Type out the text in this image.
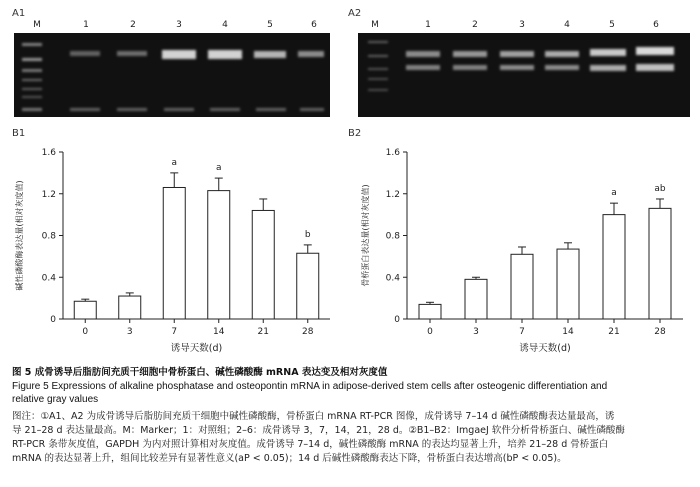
A1	A2
M	1	2	3	4	5	6	M	1	2	3	4	5	6
B1	B2
0
0.4
0.8
1.2
1.6
0	3
a
7
a
14	21
b
28
诱导天数(d)
碱性磷酸酶表达量(相对灰度值)
0
0.4
0.8
1.2
1.6
0	3	7	14
a
21
ab
28
诱导天数(d)
骨桥蛋白表达量(相对灰度值)
图 5 成骨诱导后脂肪间充质干细胞中骨桥蛋白、碱性磷酸酶 mRNA 表达变及相对灰度值
Figure 5 Expressions of alkaline phosphatase and osteopontin mRNA in adipose-derived stem cells after osteogenic differentiation and
relative gray values
图注：①A1、A2 为成骨诱导后脂肪间充质干细胞中碱性磷酸酶，骨桥蛋白 mRNA RT-PCR 图像，成骨诱导 7–14 d 碱性磷酸酶表达量最高，诱
导 21–28 d 表达量最高。M：Marker；1：对照组；2–6：成骨诱导 3，7，14，21，28 d。②B1–B2：ImgaeJ 软件分析骨桥蛋白、碱性磷酸酶
RT-PCR 条带灰度值，GAPDH 为内对照计算相对灰度值。成骨诱导 7–14 d，碱性磷酸酶 mRNA 的表达均显著上升，培养 21–28 d 骨桥蛋白
mRNA 的表达显著上升，组间比较差异有显著性意义(aP < 0.05)；14 d 后碱性磷酸酶表达下降，骨桥蛋白表达增高(bP < 0.05)。
